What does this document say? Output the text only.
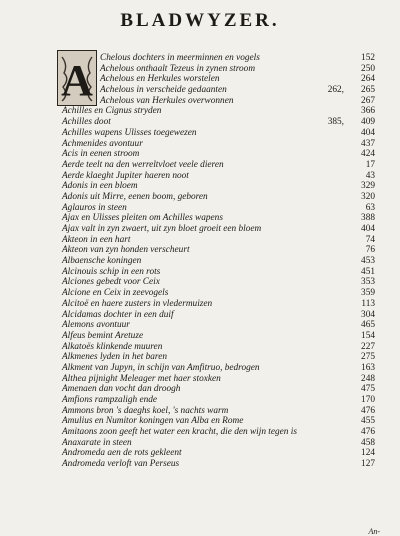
BLADWYZER.
A Chelous dochters in meerminnen en vogels	152
Achelous onthaalt Tezeus in zynen stroom	250
Achelous en Herkules worstelen	264
Achelous in verscheide gedaanten	262,	265
Achelous van Herkules overwonnen	267
Achilles en Cignus stryden	366
Achilles doot	385,	409
Achilles wapens Ulisses toegewezen	404
Achmenides avontuur	437
Acis in eenen stroom	424
Aerde teelt na den werreltvloet veele dieren	17
Aerde klaeght Jupiter haeren noot	43
Adonis in een bloem	329
Adonis uit Mirre, eenen boom, geboren	320
Aglauros in steen	63
Ajax en Ulisses pleiten om Achilles wapens	388
Ajax valt in zyn zwaert, uit zyn bloet groeit een bloem	404
Akteon in een hart	74
Akteon van zyn honden verscheurt	76
Albaensche koningen	453
Alcinouis schip in een rots	451
Alciones gebedt voor Ceix	353
Alcione en Ceix in zeevogels	359
Alcitoë en haere zusters in vledermuizen	113
Alcidamas dochter in een duif	304
Alemons avontuur	465
Alfeus bemint Aretuze	154
Alkatoës klinkende muuren	227
Alkmenes lyden in het baren	275
Alkment van Jupyn, in schijn van Amfitruo, bedrogen	163
Althea pijnight Meleager met haer stoxken	248
Amenaen dan vocht dan droogh	475
Amfions rampzaligh ende	170
Ammons bron 's daeghs koel, 's nachts warm	476
Amulius en Numitor koningen van Alba en Rome	455
Amitaons zoon geeft het water een kracht, die den wijn tegen is	476
Anaxarate in steen	458
Andromeda aen de rots gekleent	124
Andromeda verloft van Perseus	127
An-
